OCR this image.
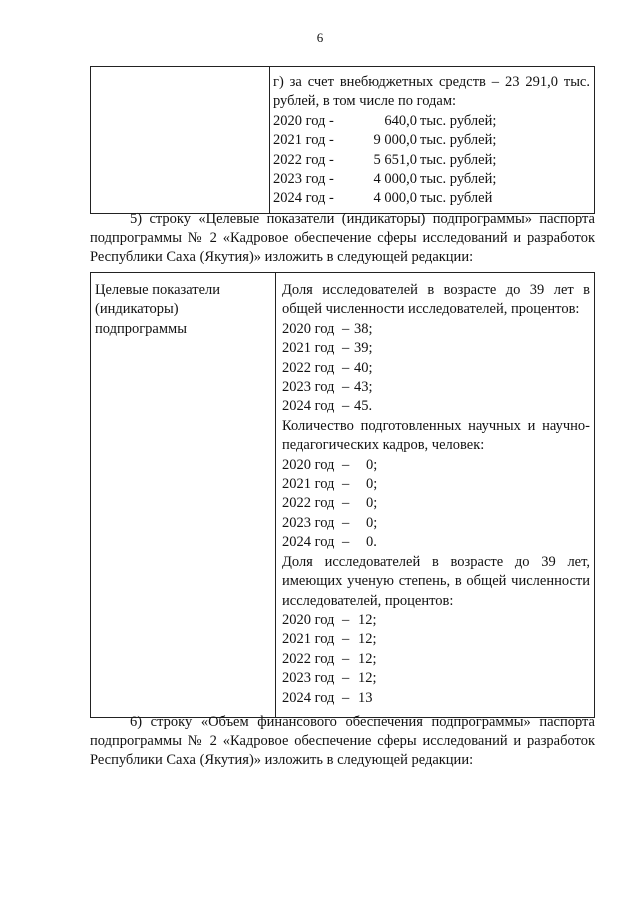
6

г) за счет внебюджетных средств – 23 291,0 тыс.
рублей, в том числе по годам:
2020 год -	640,0 тыс. рублей;
2021 год -	9 000,0 тыс. рублей;
2022 год -	5 651,0 тыс. рублей;
2023 год -	4 000,0 тыс. рублей;
2024 год -	4 000,0 тыс. рублей

5) строку «Целевые показатели (индикаторы) подпрограммы» паспорта
подпрограммы № 2 «Кадровое обеспечение сферы исследований и разработок
Республики Саха (Якутия)» изложить в следующей редакции:

Целевые показатели
(индикаторы)
подпрограммы

Доля исследователей в возрасте до 39 лет в
общей численности исследователей, процентов:
2020 год – 38;
2021 год – 39;
2022 год – 40;
2023 год – 43;
2024 год – 45.
Количество подготовленных научных и научно-
педагогических кадров, человек:
2020 год – 0;
2021 год – 0;
2022 год – 0;
2023 год – 0;
2024 год – 0.
Доля исследователей в возрасте до 39 лет,
имеющих ученую степень, в общей численности
исследователей, процентов:
2020 год – 12;
2021 год – 12;
2022 год – 12;
2023 год – 12;
2024 год – 13

6) строку «Объем финансового обеспечения подпрограммы» паспорта
подпрограммы № 2 «Кадровое обеспечение сферы исследований и разработок
Республики Саха (Якутия)» изложить в следующей редакции:
